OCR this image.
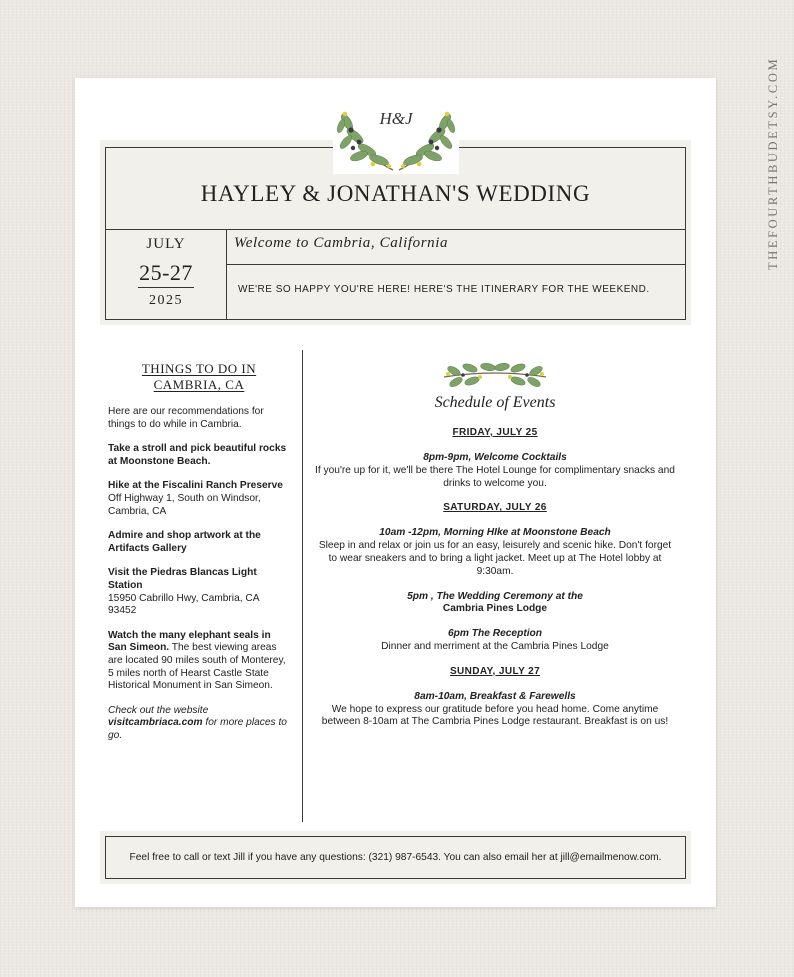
THEFOURTHBUDETSY.COM
HAYLEY & JONATHAN'S WEDDING
JULY
25-27
2025
Welcome to Cambria, California
WE'RE SO HAPPY YOU'RE HERE! HERE'S THE ITINERARY FOR THE WEEKEND.
H&J
THINGS TO DO IN
CAMBRIA, CA
Here are our recommendations for things to do while in Cambria.
Take a stroll and pick beautiful rocks at Moonstone Beach.
Hike at the Fiscalini Ranch Preserve
Off Highway 1, South on Windsor, Cambria, CA
Admire and shop artwork at the Artifacts Gallery
Visit the Piedras Blancas Light Station
15950 Cabrillo Hwy, Cambria, CA 93452
Watch the many elephant seals in San Simeon. The best viewing areas are located 90 miles south of Monterey, 5 miles north of Hearst Castle State Historical Monument in San Simeon.
Check out the website
visitcambriaca.com for more places to go.
Schedule of Events
FRIDAY, JULY 25
8pm-9pm, Welcome Cocktails
If you're up for it, we'll be there The Hotel Lounge for complimentary snacks and drinks to welcome you.
SATURDAY, JULY 26
10am -12pm, Morning HIke at Moonstone Beach
Sleep in and relax or join us for an easy, leisurely and scenic hike. Don't forget to wear sneakers and to bring a light jacket. Meet up at The Hotel lobby at 9:30am.
5pm , The Wedding Ceremony at the
Cambria Pines Lodge
6pm The Reception
Dinner and merriment at the Cambria Pines Lodge
SUNDAY, JULY 27
8am-10am, Breakfast & Farewells
We hope to express our gratitude before you head home. Come anytime between 8-10am at The Cambria Pines Lodge restaurant. Breakfast is on us!
Feel free to call or text Jill if you have any questions: (321) 987-6543. You can also email her at jill@emailmenow.com.
